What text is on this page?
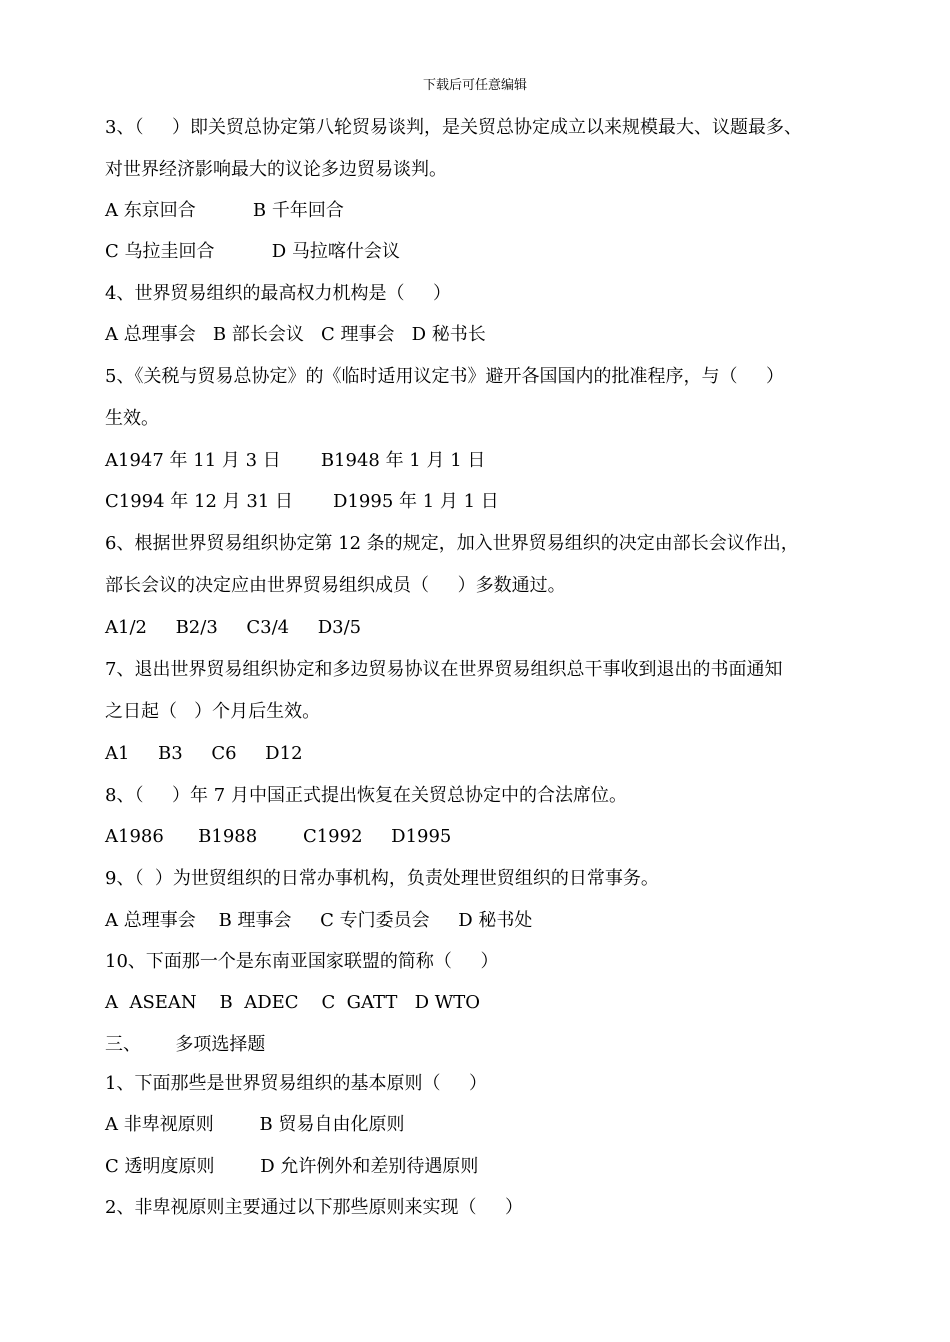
下载后可任意编辑
3、（     ）即关贸总协定第八轮贸易谈判，是关贸总协定成立以来规模最大、议题最多、
对世界经济影响最大的议论多边贸易谈判。
A 东京回合          B 千年回合
C 乌拉圭回合          D 马拉喀什会议
4、世界贸易组织的最高权力机构是（     ）
A 总理事会   B 部长会议   C 理事会   D 秘书长
5、《关税与贸易总协定》的《临时适用议定书》避开各国国内的批准程序，与（     ）
生效。
A1947 年 11 月 3 日       B1948 年 1 月 1 日
C1994 年 12 月 31 日       D1995 年 1 月 1 日
6、根据世界贸易组织协定第 12 条的规定，加入世界贸易组织的决定由部长会议作出，
部长会议的决定应由世界贸易组织成员（     ）多数通过。
A1/2     B2/3     C3/4     D3/5
7、退出世界贸易组织协定和多边贸易协议在世界贸易组织总干事收到退出的书面通知
之日起（   ）个月后生效。
A1     B3     C6     D12
8、（     ）年 7 月中国正式提出恢复在关贸总协定中的合法席位。
A1986      B1988        C1992     D1995
9、（  ）为世贸组织的日常办事机构，负责处理世贸组织的日常事务。
A 总理事会    B 理事会     C 专门委员会     D 秘书处
10、下面那一个是东南亚国家联盟的简称（     ）
A  ASEAN    B  ADEC    C  GATT   D WTO
三、      多项选择题
1、下面那些是世界贸易组织的基本原则（     ）
A 非卑视原则        B 贸易自由化原则
C 透明度原则        D 允许例外和差别待遇原则
2、非卑视原则主要通过以下那些原则来实现（     ）
